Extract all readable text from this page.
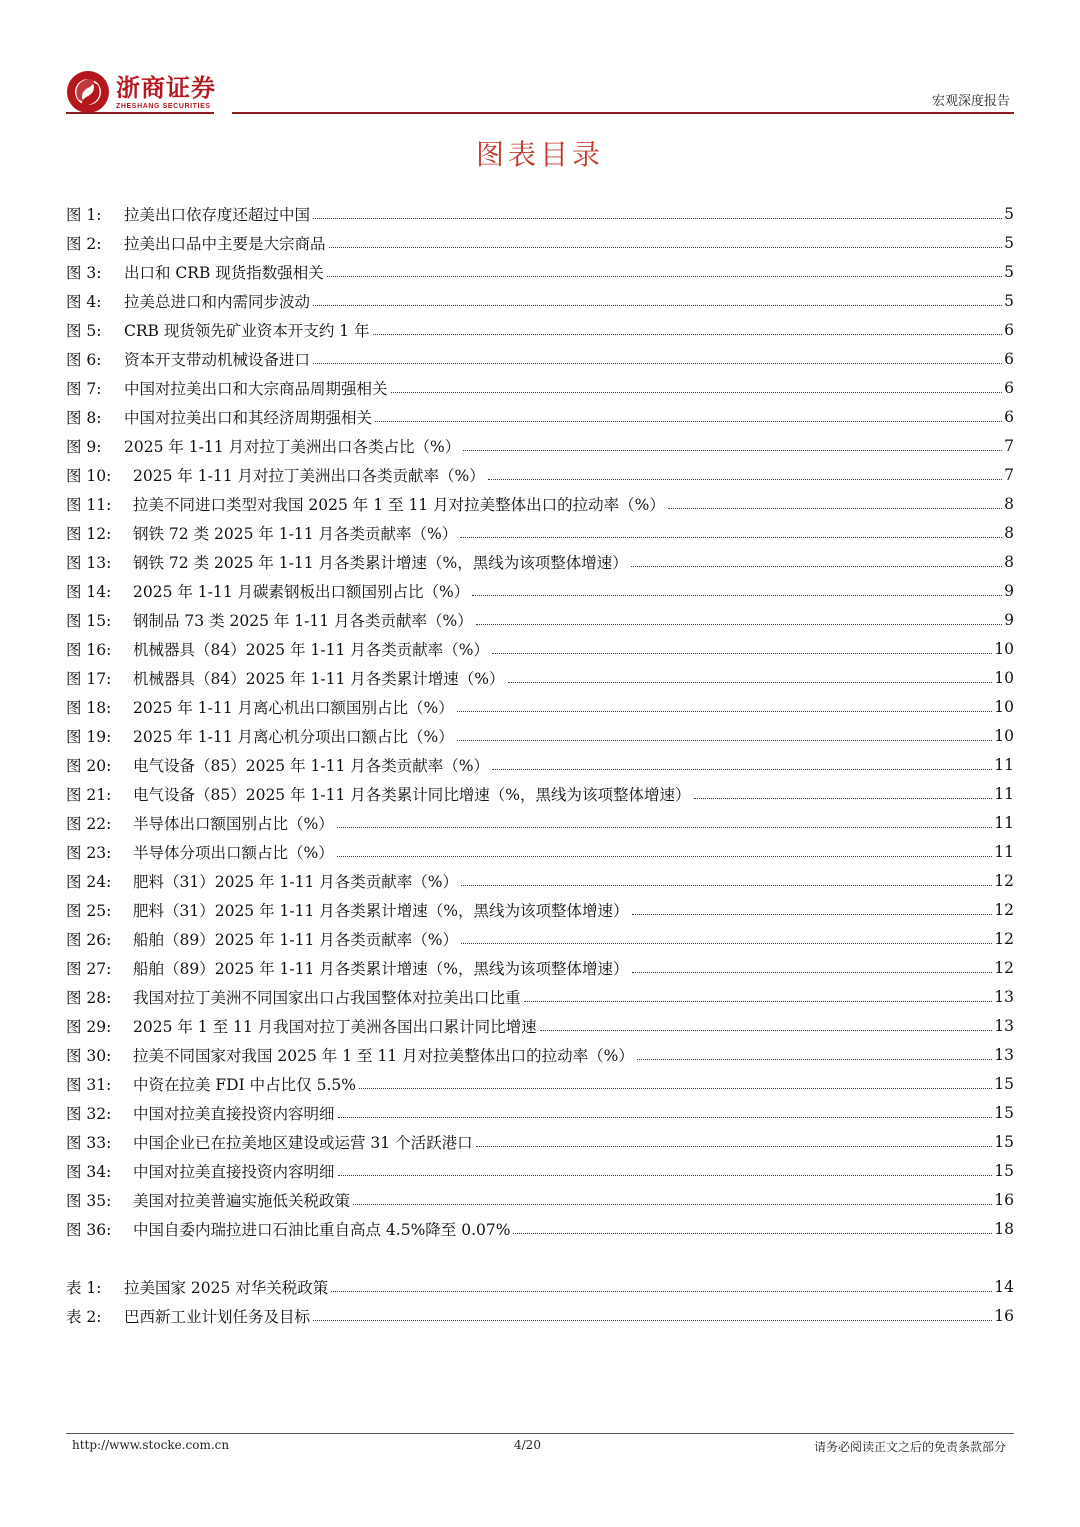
浙商证券
ZHESHANG SECURITIES	宏观深度报告
图表目录
图 1:	拉美出口依存度还超过中国	5
图 2:	拉美出口品中主要是大宗商品	5
图 3:	出口和 CRB 现货指数强相关	5
图 4:	拉美总进口和内需同步波动	5
图 5:	CRB 现货领先矿业资本开支约 1 年	6
图 6:	资本开支带动机械设备进口	6
图 7:	中国对拉美出口和大宗商品周期强相关	6
图 8:	中国对拉美出口和其经济周期强相关	6
图 9:	2025 年 1-11 月对拉丁美洲出口各类占比（%）	7
图 10:	2025 年 1-11 月对拉丁美洲出口各类贡献率（%）	7
图 11:	拉美不同进口类型对我国 2025 年 1 至 11 月对拉美整体出口的拉动率（%）	8
图 12:	钢铁 72 类 2025 年 1-11 月各类贡献率（%）	8
图 13:	钢铁 72 类 2025 年 1-11 月各类累计增速（%，黑线为该项整体增速）	8
图 14:	2025 年 1-11 月碳素钢板出口额国别占比（%）	9
图 15:	钢制品 73 类 2025 年 1-11 月各类贡献率（%）	9
图 16:	机械器具（84）2025 年 1-11 月各类贡献率（%）	10
图 17:	机械器具（84）2025 年 1-11 月各类累计增速（%）	10
图 18:	2025 年 1-11 月离心机出口额国别占比（%）	10
图 19:	2025 年 1-11 月离心机分项出口额占比（%）	10
图 20:	电气设备（85）2025 年 1-11 月各类贡献率（%）	11
图 21:	电气设备（85）2025 年 1-11 月各类累计同比增速（%，黑线为该项整体增速）	11
图 22:	半导体出口额国别占比（%）	11
图 23:	半导体分项出口额占比（%）	11
图 24:	肥料（31）2025 年 1-11 月各类贡献率（%）	12
图 25:	肥料（31）2025 年 1-11 月各类累计增速（%，黑线为该项整体增速）	12
图 26:	船舶（89）2025 年 1-11 月各类贡献率（%）	12
图 27:	船舶（89）2025 年 1-11 月各类累计增速（%，黑线为该项整体增速）	12
图 28:	我国对拉丁美洲不同国家出口占我国整体对拉美出口比重	13
图 29:	2025 年 1 至 11 月我国对拉丁美洲各国出口累计同比增速	13
图 30:	拉美不同国家对我国 2025 年 1 至 11 月对拉美整体出口的拉动率（%）	13
图 31:	中资在拉美 FDI 中占比仅 5.5%	15
图 32:	中国对拉美直接投资内容明细	15
图 33:	中国企业已在拉美地区建设或运营 31 个活跃港口	15
图 34:	中国对拉美直接投资内容明细	15
图 35:	美国对拉美普遍实施低关税政策	16
图 36:	中国自委内瑞拉进口石油比重自高点 4.5%降至 0.07%	18
表 1:	拉美国家 2025 对华关税政策	14
表 2:	巴西新工业计划任务及目标	16
http://www.stocke.com.cn	4/20	请务必阅读正文之后的免责条款部分
